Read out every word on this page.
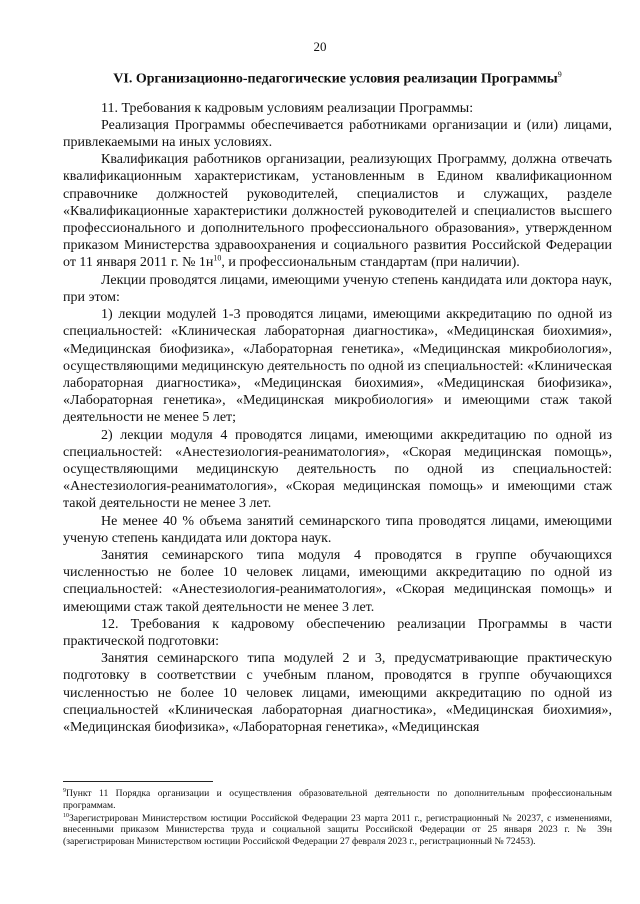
20
VI. Организационно-педагогические условия реализации Программы$^9$

11. Требования к кадровым условиям реализации Программы:

Реализация Программы обеспечивается работниками организации и (или) лицами, привлекаемыми на иных условиях.

Квалификация работников организации, реализующих Программу, должна отвечать квалификационным характеристикам, установленным в Едином квалификационном справочнике должностей руководителей, специалистов и служащих, разделе «Квалификационные характеристики должностей руководителей и специалистов высшего профессионального и дополнительного профессионального образования», утвержденном приказом Министерства здравоохранения и социального развития Российской Федерации от 11 января 2011 г. № $1н^{10}$, и профессиональным стандартам (при наличии).

Лекции проводятся лицами, имеющими ученую степень кандидата или доктора наук, при этом:

1) лекции модулей 1-3 проводятся лицами, имеющими аккредитацию по одной из специальностей: «Клиническая лабораторная диагностика», «Медицинская биохимия», «Медицинская биофизика», «Лабораторная генетика», «Медицинская микробиология», осуществляющими медицинскую деятельность по одной из специальностей: «Клиническая лабораторная диагностика», «Медицинская биохимия», «Медицинская биофизика», «Лабораторная генетика», «Медицинская микробиология» и имеющими стаж такой деятельности не менее 5 лет;

2) лекции модуля 4 проводятся лицами, имеющими аккредитацию по одной из специальностей: «Анестезиология-реаниматология», «Скорая медицинская помощь», осуществляющими медицинскую деятельность по одной из специальностей: «Анестезиология-реаниматология», «Скорая медицинская помощь» и имеющими стаж такой деятельности не менее 3 лет.

Не менее 40 % объема занятий семинарского типа проводятся лицами, имеющими ученую степень кандидата или доктора наук.

Занятия семинарского типа модуля 4 проводятся в группе обучающихся численностью не более 10 человек лицами, имеющими аккредитацию по одной из специальностей: «Анестезиология-реаниматология», «Скорая медицинская помощь» и имеющими стаж такой деятельности не менее 3 лет.

12. Требования к кадровому обеспечению реализации Программы в части практической подготовки:

Занятия семинарского типа модулей 2 и 3, предусматривающие практическую подготовку в соответствии с учебным планом, проводятся в группе обучающихся численностью не более 10 человек лицами, имеющими аккредитацию по одной из специальностей «Клиническая лабораторная диагностика», «Медицинская биохимия», «Медицинская биофизика», «Лабораторная генетика», «Медицинская

$^9$Пункт 11 Порядка организации и осуществления образовательной деятельности по дополнительным профессиональным программам.

$^{10}$Зарегистрирован Министерством юстиции Российской Федерации 23 марта 2011 г., регистрационный № 20237, с изменениями, внесенными приказом Министерства труда и социальной защиты Российской Федерации от 25 января 2023 г. № 39н (зарегистрирован Министерством юстиции Российской Федерации 27 февраля 2023 г., регистрационный № 72453).
